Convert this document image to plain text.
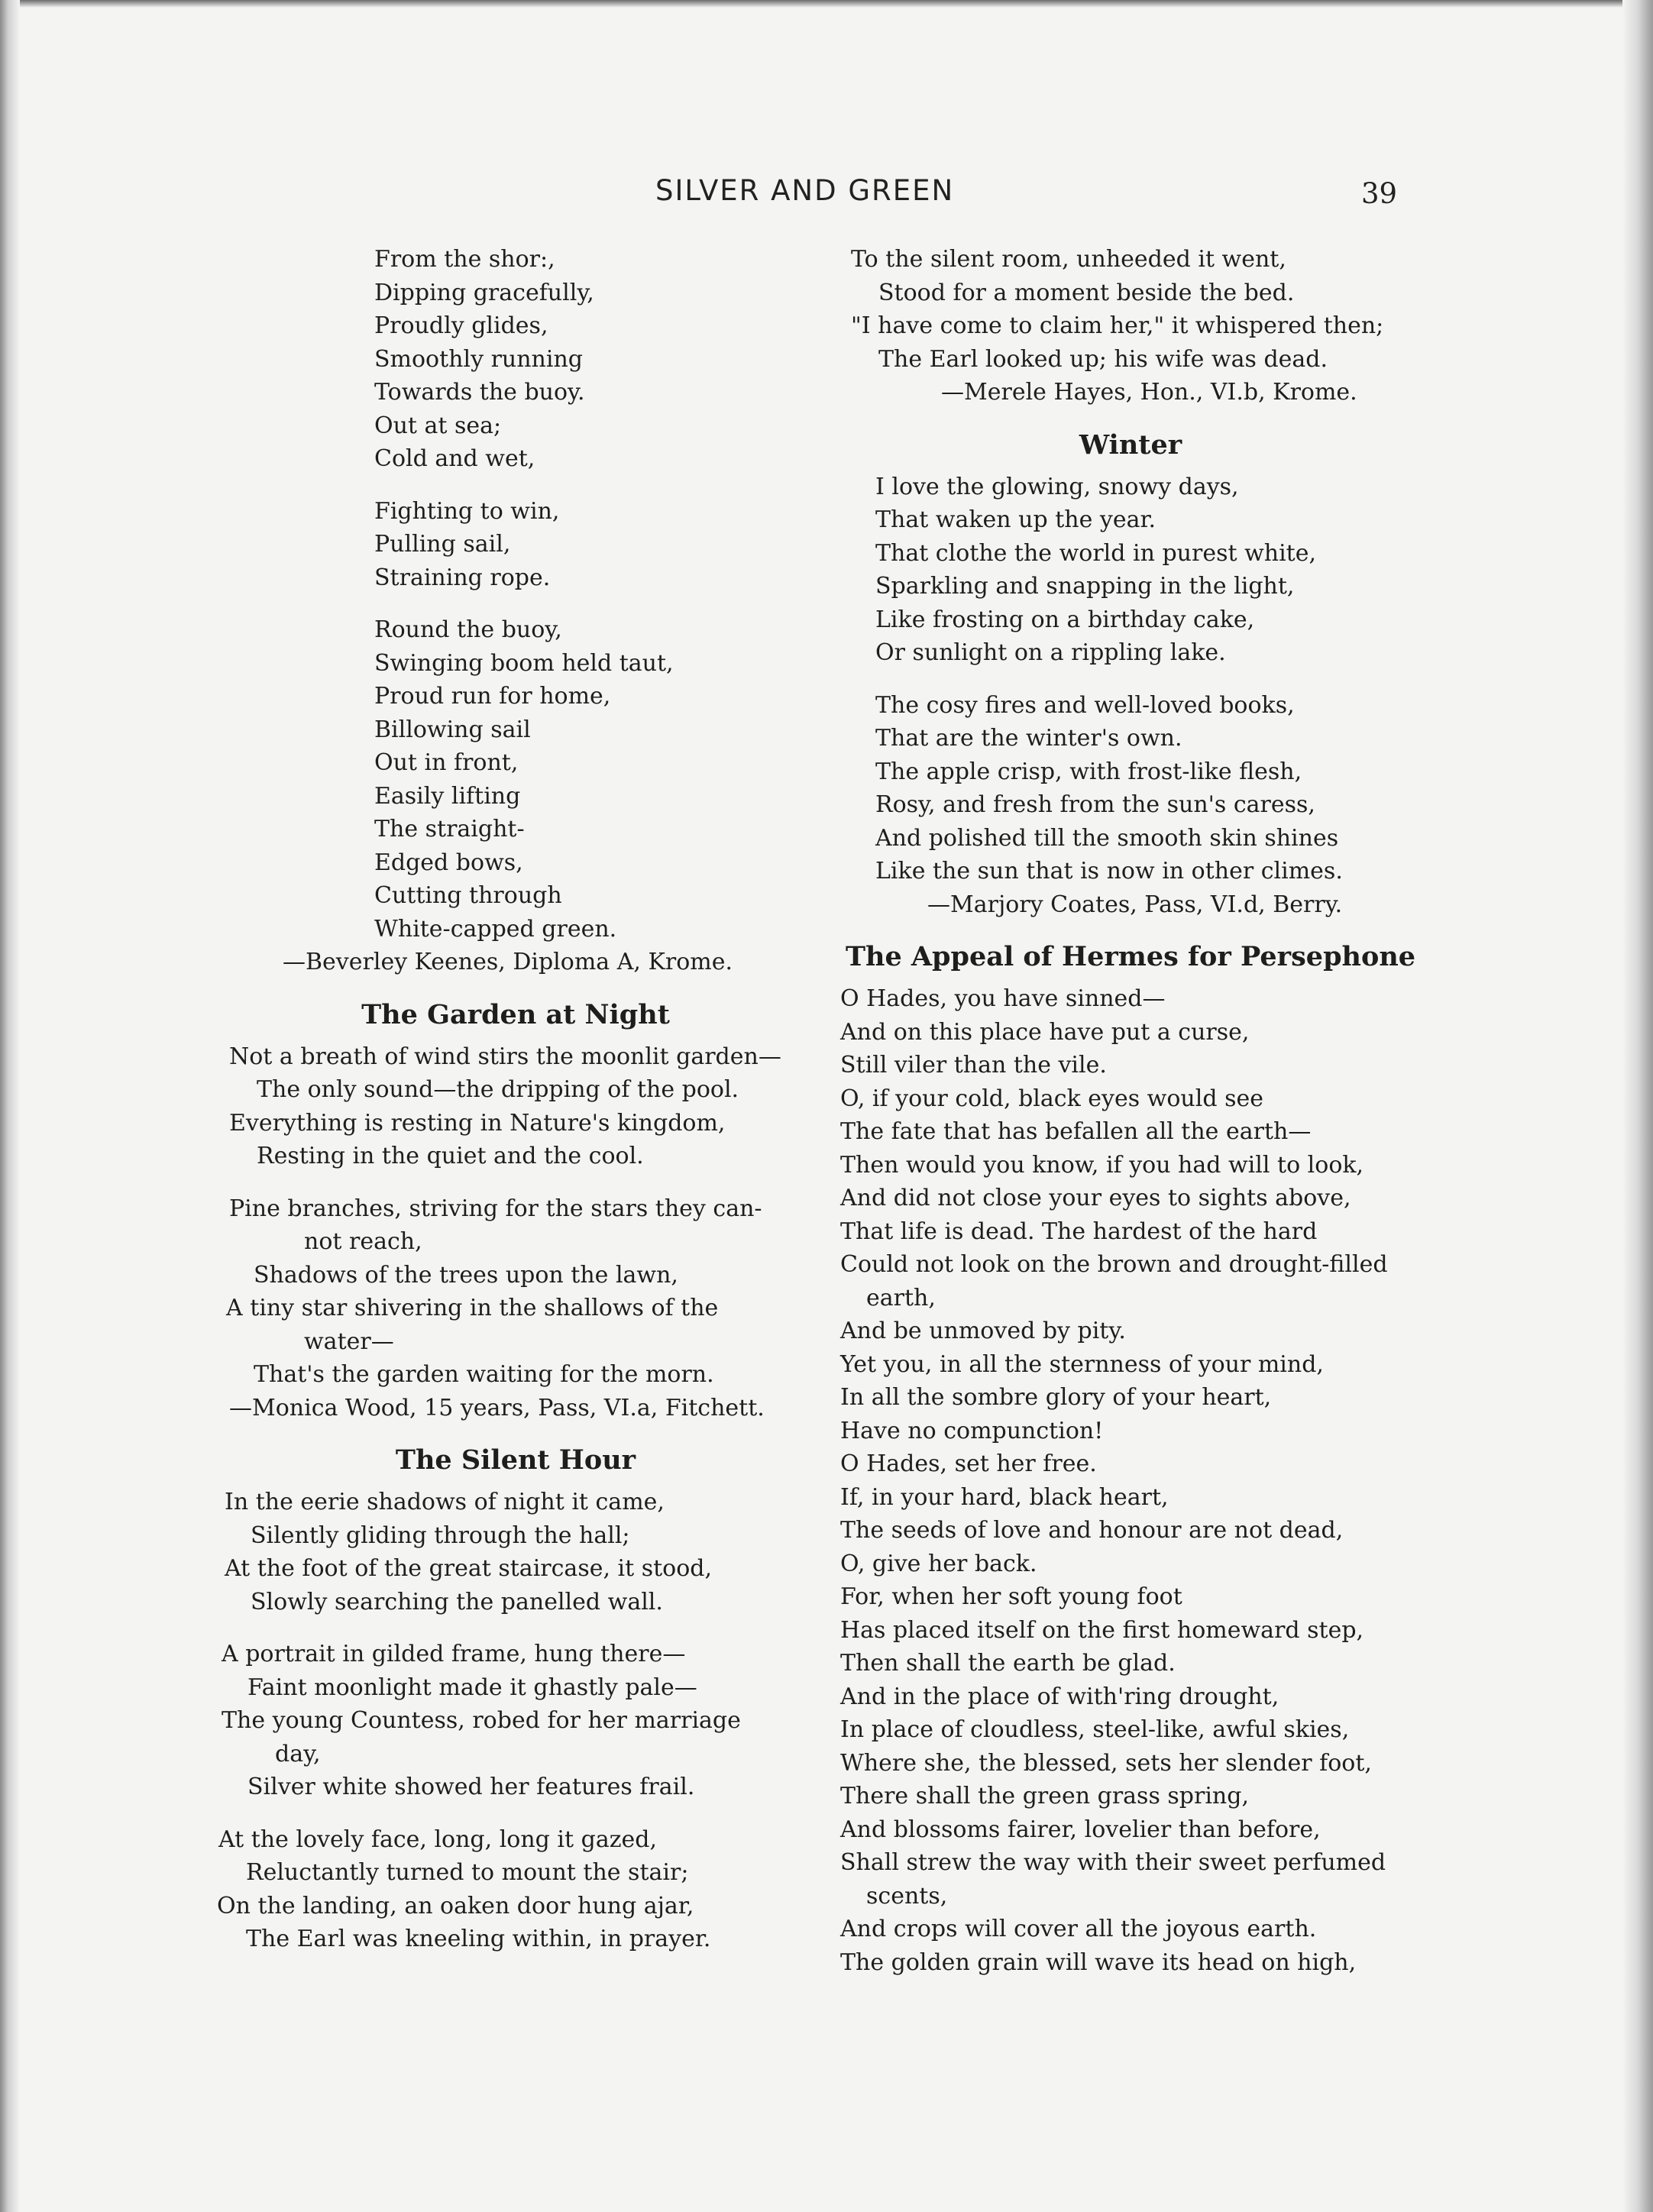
SILVER AND GREEN	39
From the shor:,
Dipping gracefully,
Proudly glides,
Smoothly running
Towards the buoy.
Out at sea;
Cold and wet,
Fighting to win,
Pulling sail,
Straining rope.
Round the buoy,
Swinging boom held taut,
Proud run for home,
Billowing sail
Out in front,
Easily lifting
The straight-
Edged bows,
Cutting through
White-capped green.
—Beverley Keenes, Diploma A, Krome.
The Garden at Night
Not a breath of wind stirs the moonlit garden—
The only sound—the dripping of the pool.
Everything is resting in Nature's kingdom,
Resting in the quiet and the cool.
Pine branches, striving for the stars they can-
not reach,
Shadows of the trees upon the lawn,
A tiny star shivering in the shallows of the
water—
That's the garden waiting for the morn.
—Monica Wood, 15 years, Pass, VI.a, Fitchett.
The Silent Hour
In the eerie shadows of night it came,
Silently gliding through the hall;
At the foot of the great staircase, it stood,
Slowly searching the panelled wall.
A portrait in gilded frame, hung there—
Faint moonlight made it ghastly pale—
The young Countess, robed for her marriage
day,
Silver white showed her features frail.
At the lovely face, long, long it gazed,
Reluctantly turned to mount the stair;
On the landing, an oaken door hung ajar,
The Earl was kneeling within, in prayer.
To the silent room, unheeded it went,
Stood for a moment beside the bed.
"I have come to claim her," it whispered then;
The Earl looked up; his wife was dead.
—Merele Hayes, Hon., VI.b, Krome.
Winter
I love the glowing, snowy days,
That waken up the year.
That clothe the world in purest white,
Sparkling and snapping in the light,
Like frosting on a birthday cake,
Or sunlight on a rippling lake.
The cosy fires and well-loved books,
That are the winter's own.
The apple crisp, with frost-like flesh,
Rosy, and fresh from the sun's caress,
And polished till the smooth skin shines
Like the sun that is now in other climes.
—Marjory Coates, Pass, VI.d, Berry.
The Appeal of Hermes for Persephone
O Hades, you have sinned—
And on this place have put a curse,
Still viler than the vile.
O, if your cold, black eyes would see
The fate that has befallen all the earth—
Then would you know, if you had will to look,
And did not close your eyes to sights above,
That life is dead. The hardest of the hard
Could not look on the brown and drought-filled
earth,
And be unmoved by pity.
Yet you, in all the sternness of your mind,
In all the sombre glory of your heart,
Have no compunction!
O Hades, set her free.
If, in your hard, black heart,
The seeds of love and honour are not dead,
O, give her back.
For, when her soft young foot
Has placed itself on the first homeward step,
Then shall the earth be glad.
And in the place of with'ring drought,
In place of cloudless, steel-like, awful skies,
Where she, the blessed, sets her slender foot,
There shall the green grass spring,
And blossoms fairer, lovelier than before,
Shall strew the way with their sweet perfumed
scents,
And crops will cover all the joyous earth.
The golden grain will wave its head on high,
